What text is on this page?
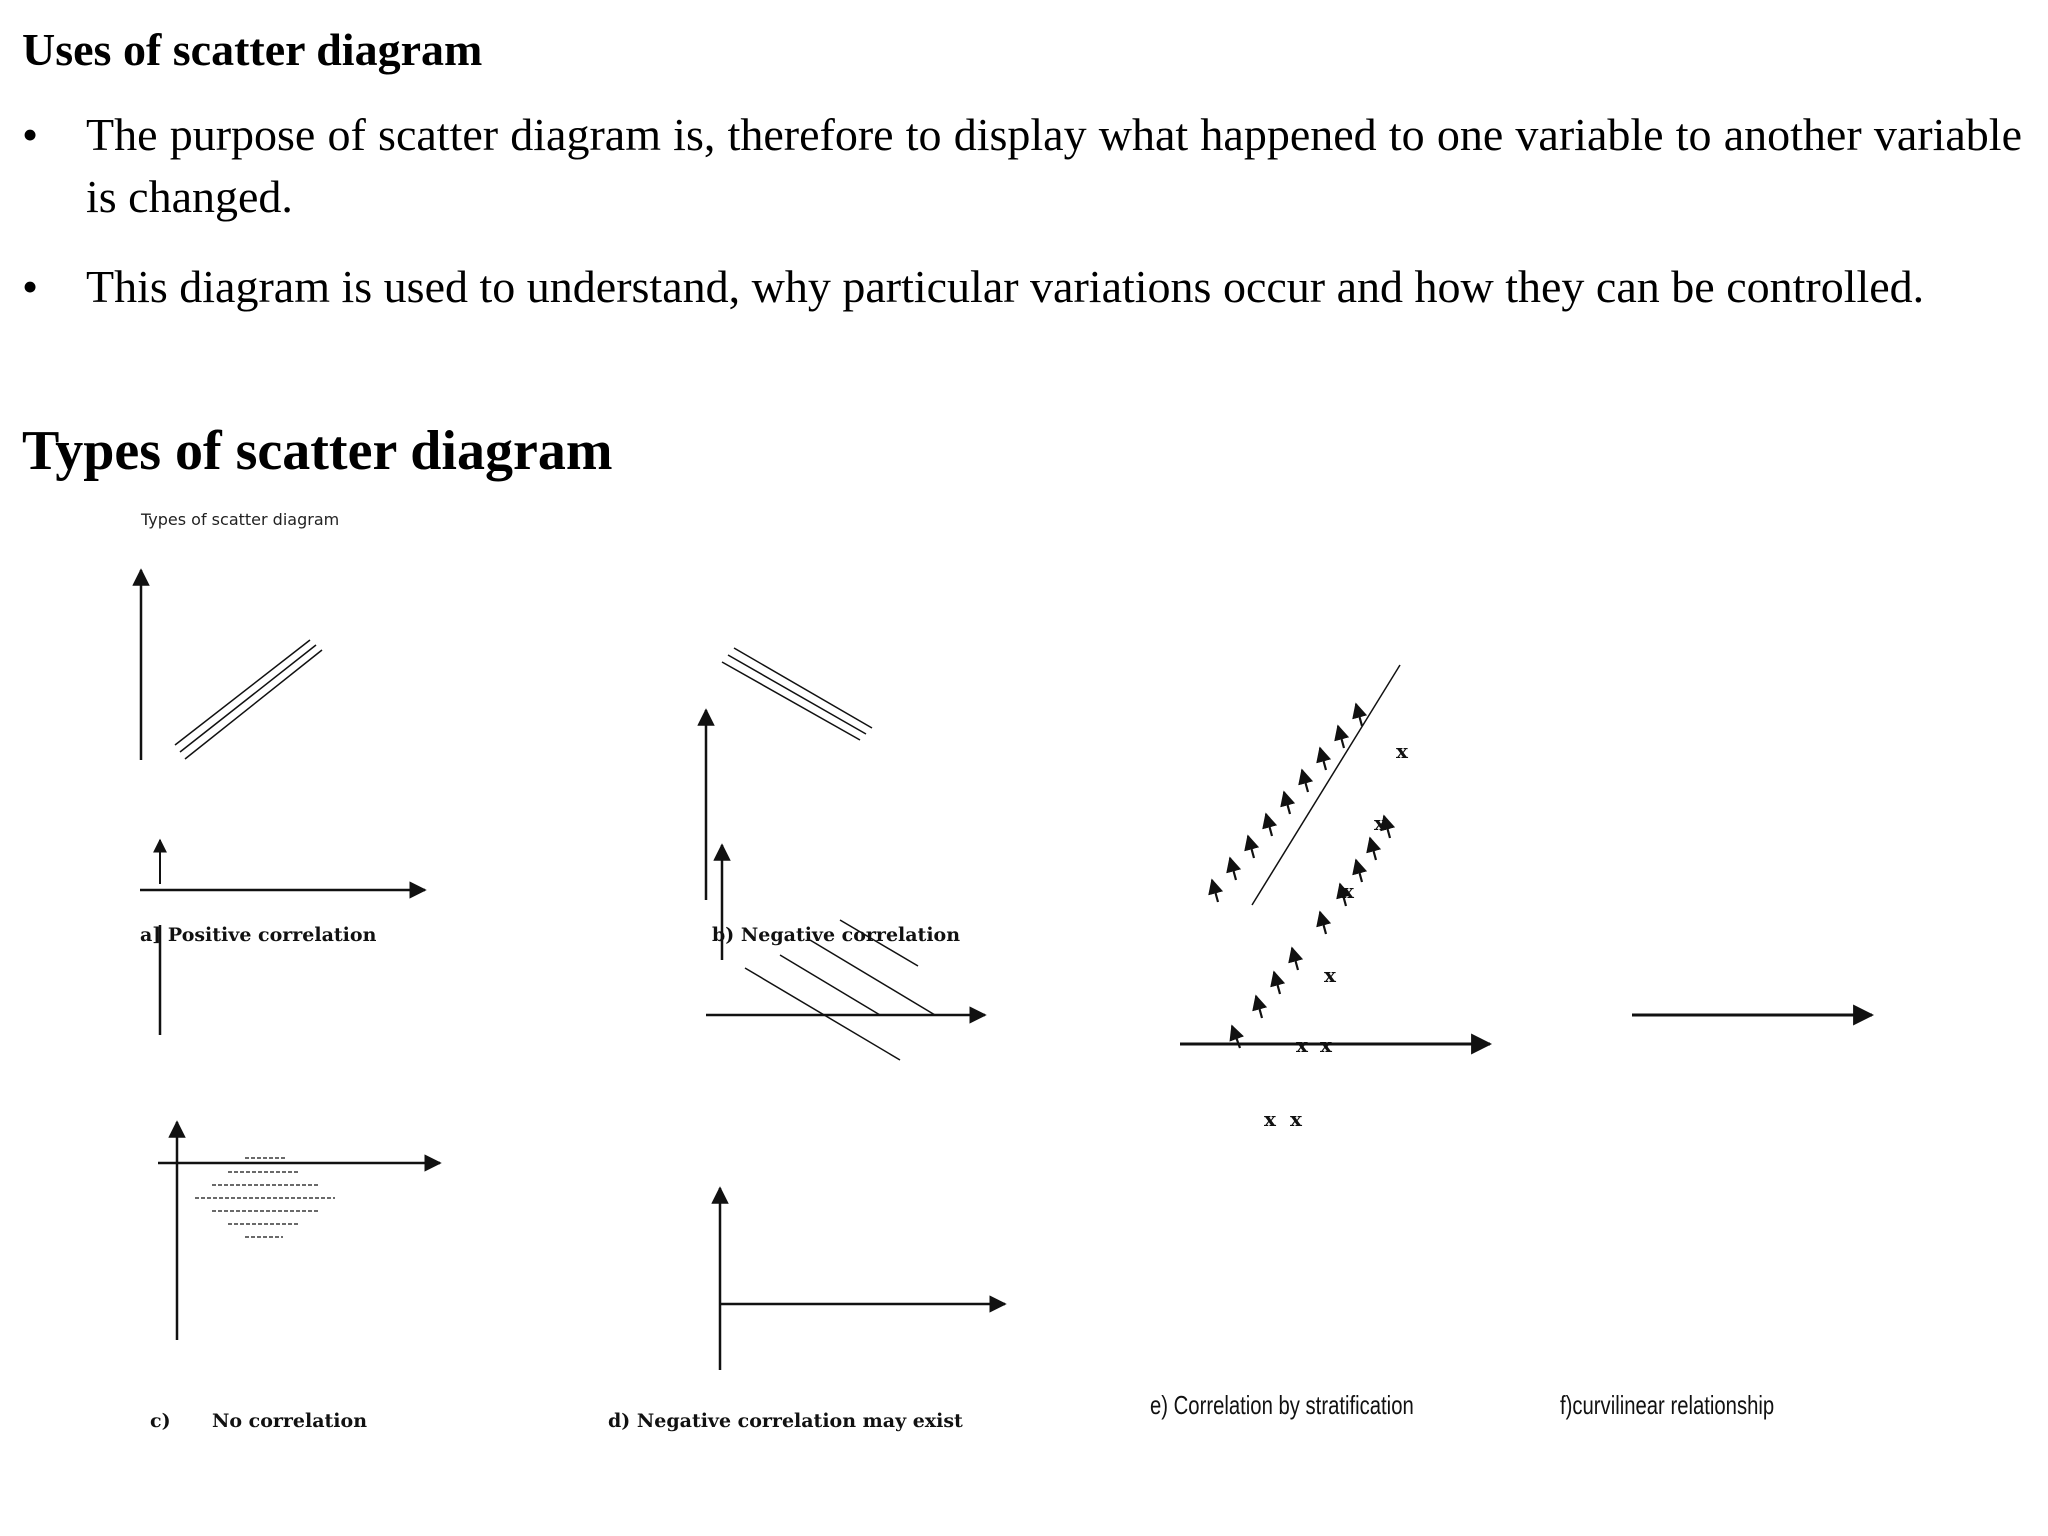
Uses of scatter diagram
• The purpose of scatter diagram is, therefore to display what happened to one variable to another variable is changed.
• This diagram is used to understand, why particular variations occur and how they can be controlled.
Types of scatter diagram
x
x
x
x
x x
x x
Types of scatter diagram
a] Positive correlation	b) Negative correlation
c) No correlation	d) Negative correlation may exist
e) Correlation by stratification	f)curvilinear relationship
